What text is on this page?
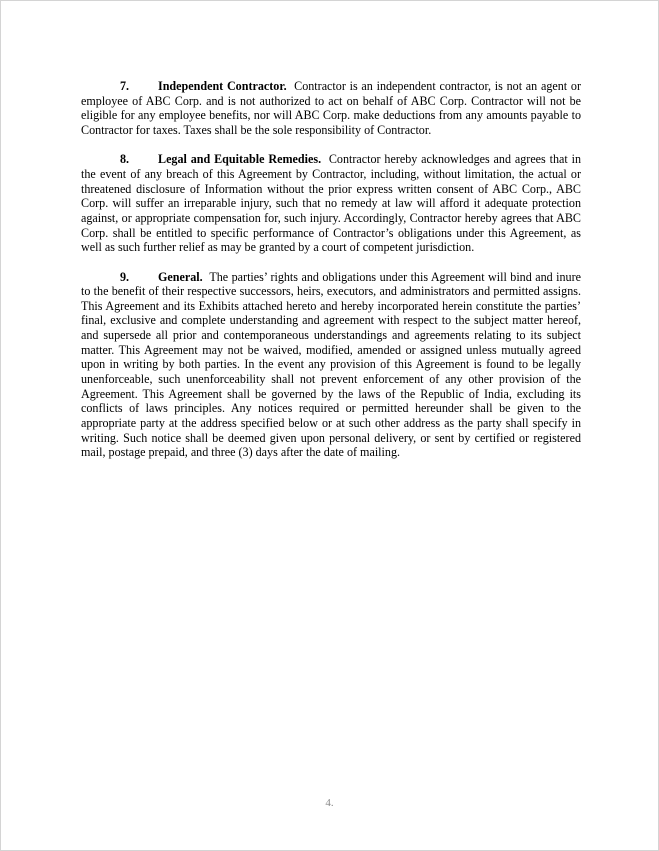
7. Independent Contractor. Contractor is an independent contractor, is not an agent or employee of ABC Corp. and is not authorized to act on behalf of ABC Corp. Contractor will not be eligible for any employee benefits, nor will ABC Corp. make deductions from any amounts payable to Contractor for taxes. Taxes shall be the sole responsibility of Contractor.

8. Legal and Equitable Remedies. Contractor hereby acknowledges and agrees that in the event of any breach of this Agreement by Contractor, including, without limitation, the actual or threatened disclosure of Information without the prior express written consent of ABC Corp., ABC Corp. will suffer an irreparable injury, such that no remedy at law will afford it adequate protection against, or appropriate compensation for, such injury. Accordingly, Contractor hereby agrees that ABC Corp. shall be entitled to specific performance of Contractor’s obligations under this Agreement, as well as such further relief as may be granted by a court of competent jurisdiction.

9. General. The parties’ rights and obligations under this Agreement will bind and inure to the benefit of their respective successors, heirs, executors, and administrators and permitted assigns. This Agreement and its Exhibits attached hereto and hereby incorporated herein constitute the parties’ final, exclusive and complete understanding and agreement with respect to the subject matter hereof, and supersede all prior and contemporaneous understandings and agreements relating to its subject matter. This Agreement may not be waived, modified, amended or assigned unless mutually agreed upon in writing by both parties. In the event any provision of this Agreement is found to be legally unenforceable, such unenforceability shall not prevent enforcement of any other provision of the Agreement. This Agreement shall be governed by the laws of the Republic of India, excluding its conflicts of laws principles. Any notices required or permitted hereunder shall be given to the appropriate party at the address specified below or at such other address as the party shall specify in writing. Such notice shall be deemed given upon personal delivery, or sent by certified or registered mail, postage prepaid, and three (3) days after the date of mailing.

4.
